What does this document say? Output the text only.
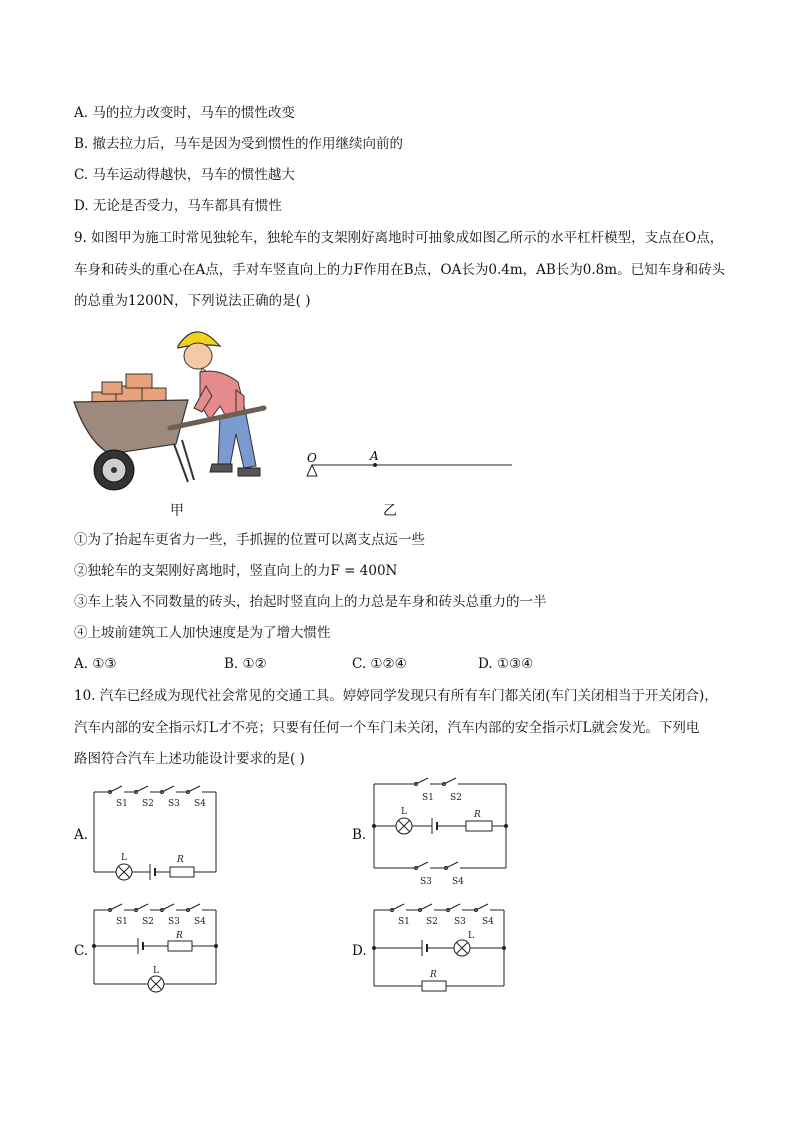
A. 马的拉力改变时，马车的惯性改变
B. 撤去拉力后，马车是因为受到惯性的作用继续向前的
C. 马车运动得越快，马车的惯性越大
D. 无论是否受力，马车都具有惯性
9. 如图甲为施工时常见独轮车，独轮车的支架刚好离地时可抽象成如图乙所示的水平杠杆模型，支点在O点，
车身和砖头的重心在A点，手对车竖直向上的力F作用在B点，OA长为0.4m，AB长为0.8m。已知车身和砖头
的总重为1200N，下列说法正确的是( )
甲
O	A
乙
①为了抬起车更省力一些，手抓握的位置可以离支点远一些
②独轮车的支架刚好离地时，竖直向上的力F = 400N
③车上装入不同数量的砖头，抬起时竖直向上的力总是车身和砖头总重力的一半
④上坡前建筑工人加快速度是为了增大惯性
A. ①③	B. ①②	C. ①②④	D. ①③④
10. 汽车已经成为现代社会常见的交通工具。婷婷同学发现只有所有车门都关闭(车门关闭相当于开关闭合)，
汽车内部的安全指示灯L才不亮；只要有任何一个车门未关闭，汽车内部的安全指示灯L就会发光。下列电
路图符合汽车上述功能设计要求的是( )
A.
S1 S2 S3 S4
L	R
B.
S1 S2
L	R
S3 S4
C.
S1 S2 S3 S4
R
L
D.
S1 S2 S3 S4
L
R
